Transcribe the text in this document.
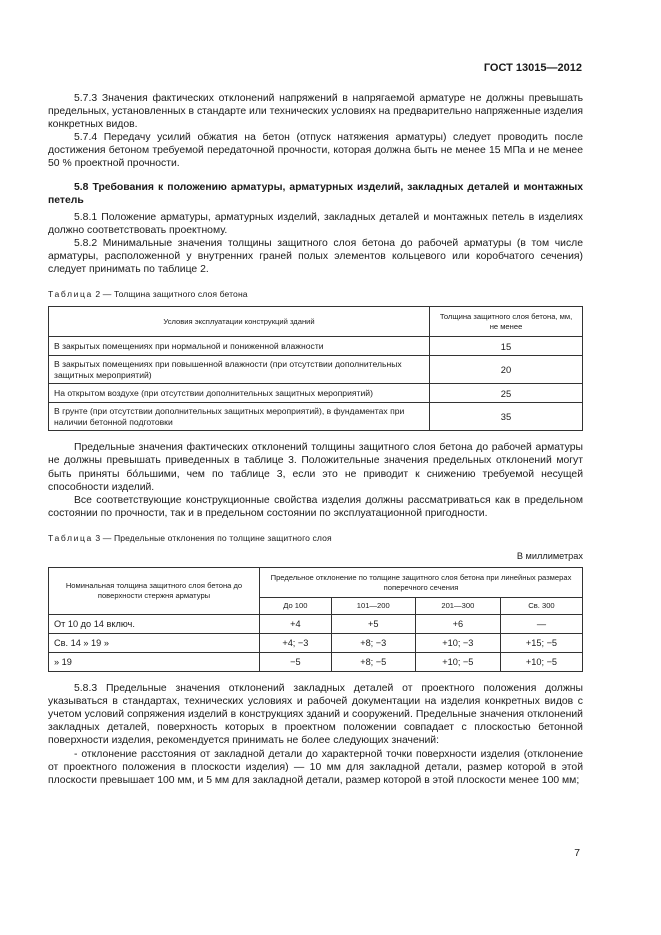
ГОСТ 13015—2012

5.7.3 Значения фактических отклонений напряжений в напрягаемой арматуре не должны превышать предельных, установленных в стандарте или технических условиях на предварительно напряженные изделия конкретных видов.

5.7.4 Передачу усилий обжатия на бетон (отпуск натяжения арматуры) следует проводить после достижения бетоном требуемой передаточной прочности, которая должна быть не менее 15 МПа и не менее 50 % проектной прочности.

5.8 Требования к положению арматуры, арматурных изделий, закладных деталей и монтажных петель

5.8.1 Положение арматуры, арматурных изделий, закладных деталей и монтажных петель в изделиях должно соответствовать проектному.

5.8.2 Минимальные значения толщины защитного слоя бетона до рабочей арматуры (в том числе арматуры, расположенной у внутренних граней полых элементов кольцевого или коробчатого сечения) следует принимать по таблице 2.

Таблица 2 — Толщина защитного слоя бетона
Условия эксплуатации конструкций зданий	Толщина защитного слоя бетона, мм, не менее
В закрытых помещениях при нормальной и пониженной влажности	15
В закрытых помещениях при повышенной влажности (при отсутствии дополнительных защитных мероприятий)	20
На открытом воздухе (при отсутствии дополнительных защитных мероприятий)	25
В грунте (при отсутствии дополнительных защитных мероприятий), в фундаментах при наличии бетонной подготовки	35

Предельные значения фактических отклонений толщины защитного слоя бетона до рабочей арматуры не должны превышать приведенных в таблице 3. Положительные значения предельных отклонений могут быть приняты бо́льшими, чем по таблице 3, если это не приводит к снижению требуемой несущей способности изделий.

Все соответствующие конструкционные свойства изделия должны рассматриваться как в предельном состоянии по прочности, так и в предельном состоянии по эксплуатационной пригодности.

Таблица 3 — Предельные отклонения по толщине защитного слоя
В миллиметрах
Номинальная толщина защитного слоя бетона до поверхности стержня арматуры	Предельное отклонение по толщине защитного слоя бетона при линейных размерах поперечного сечения			
	До 100	101—200	201—300	Св. 300
От 10 до 14 включ.	+4	+5	+6	—
Св. 14 » 19 »	+4; −3	+8; −3	+10; −3	+15; −5
» 19	−5	+8; −5	+10; −5	+10; −5

5.8.3 Предельные значения отклонений закладных деталей от проектного положения должны указываться в стандартах, технических условиях и рабочей документации на изделия конкретных видов с учетом условий сопряжения изделий в конструкциях зданий и сооружений. Предельные значения отклонений закладных деталей, поверхность которых в проектном положении совпадает с плоскостью бетонной поверхности изделия, рекомендуется принимать не более следующих значений:

- отклонение расстояния от закладной детали до характерной точки поверхности изделия (отклонение от проектного положения в плоскости изделия) — 10 мм для закладной детали, размер которой в этой плоскости превышает 100 мм, и 5 мм для закладной детали, размер которой в этой плоскости менее 100 мм;

7
